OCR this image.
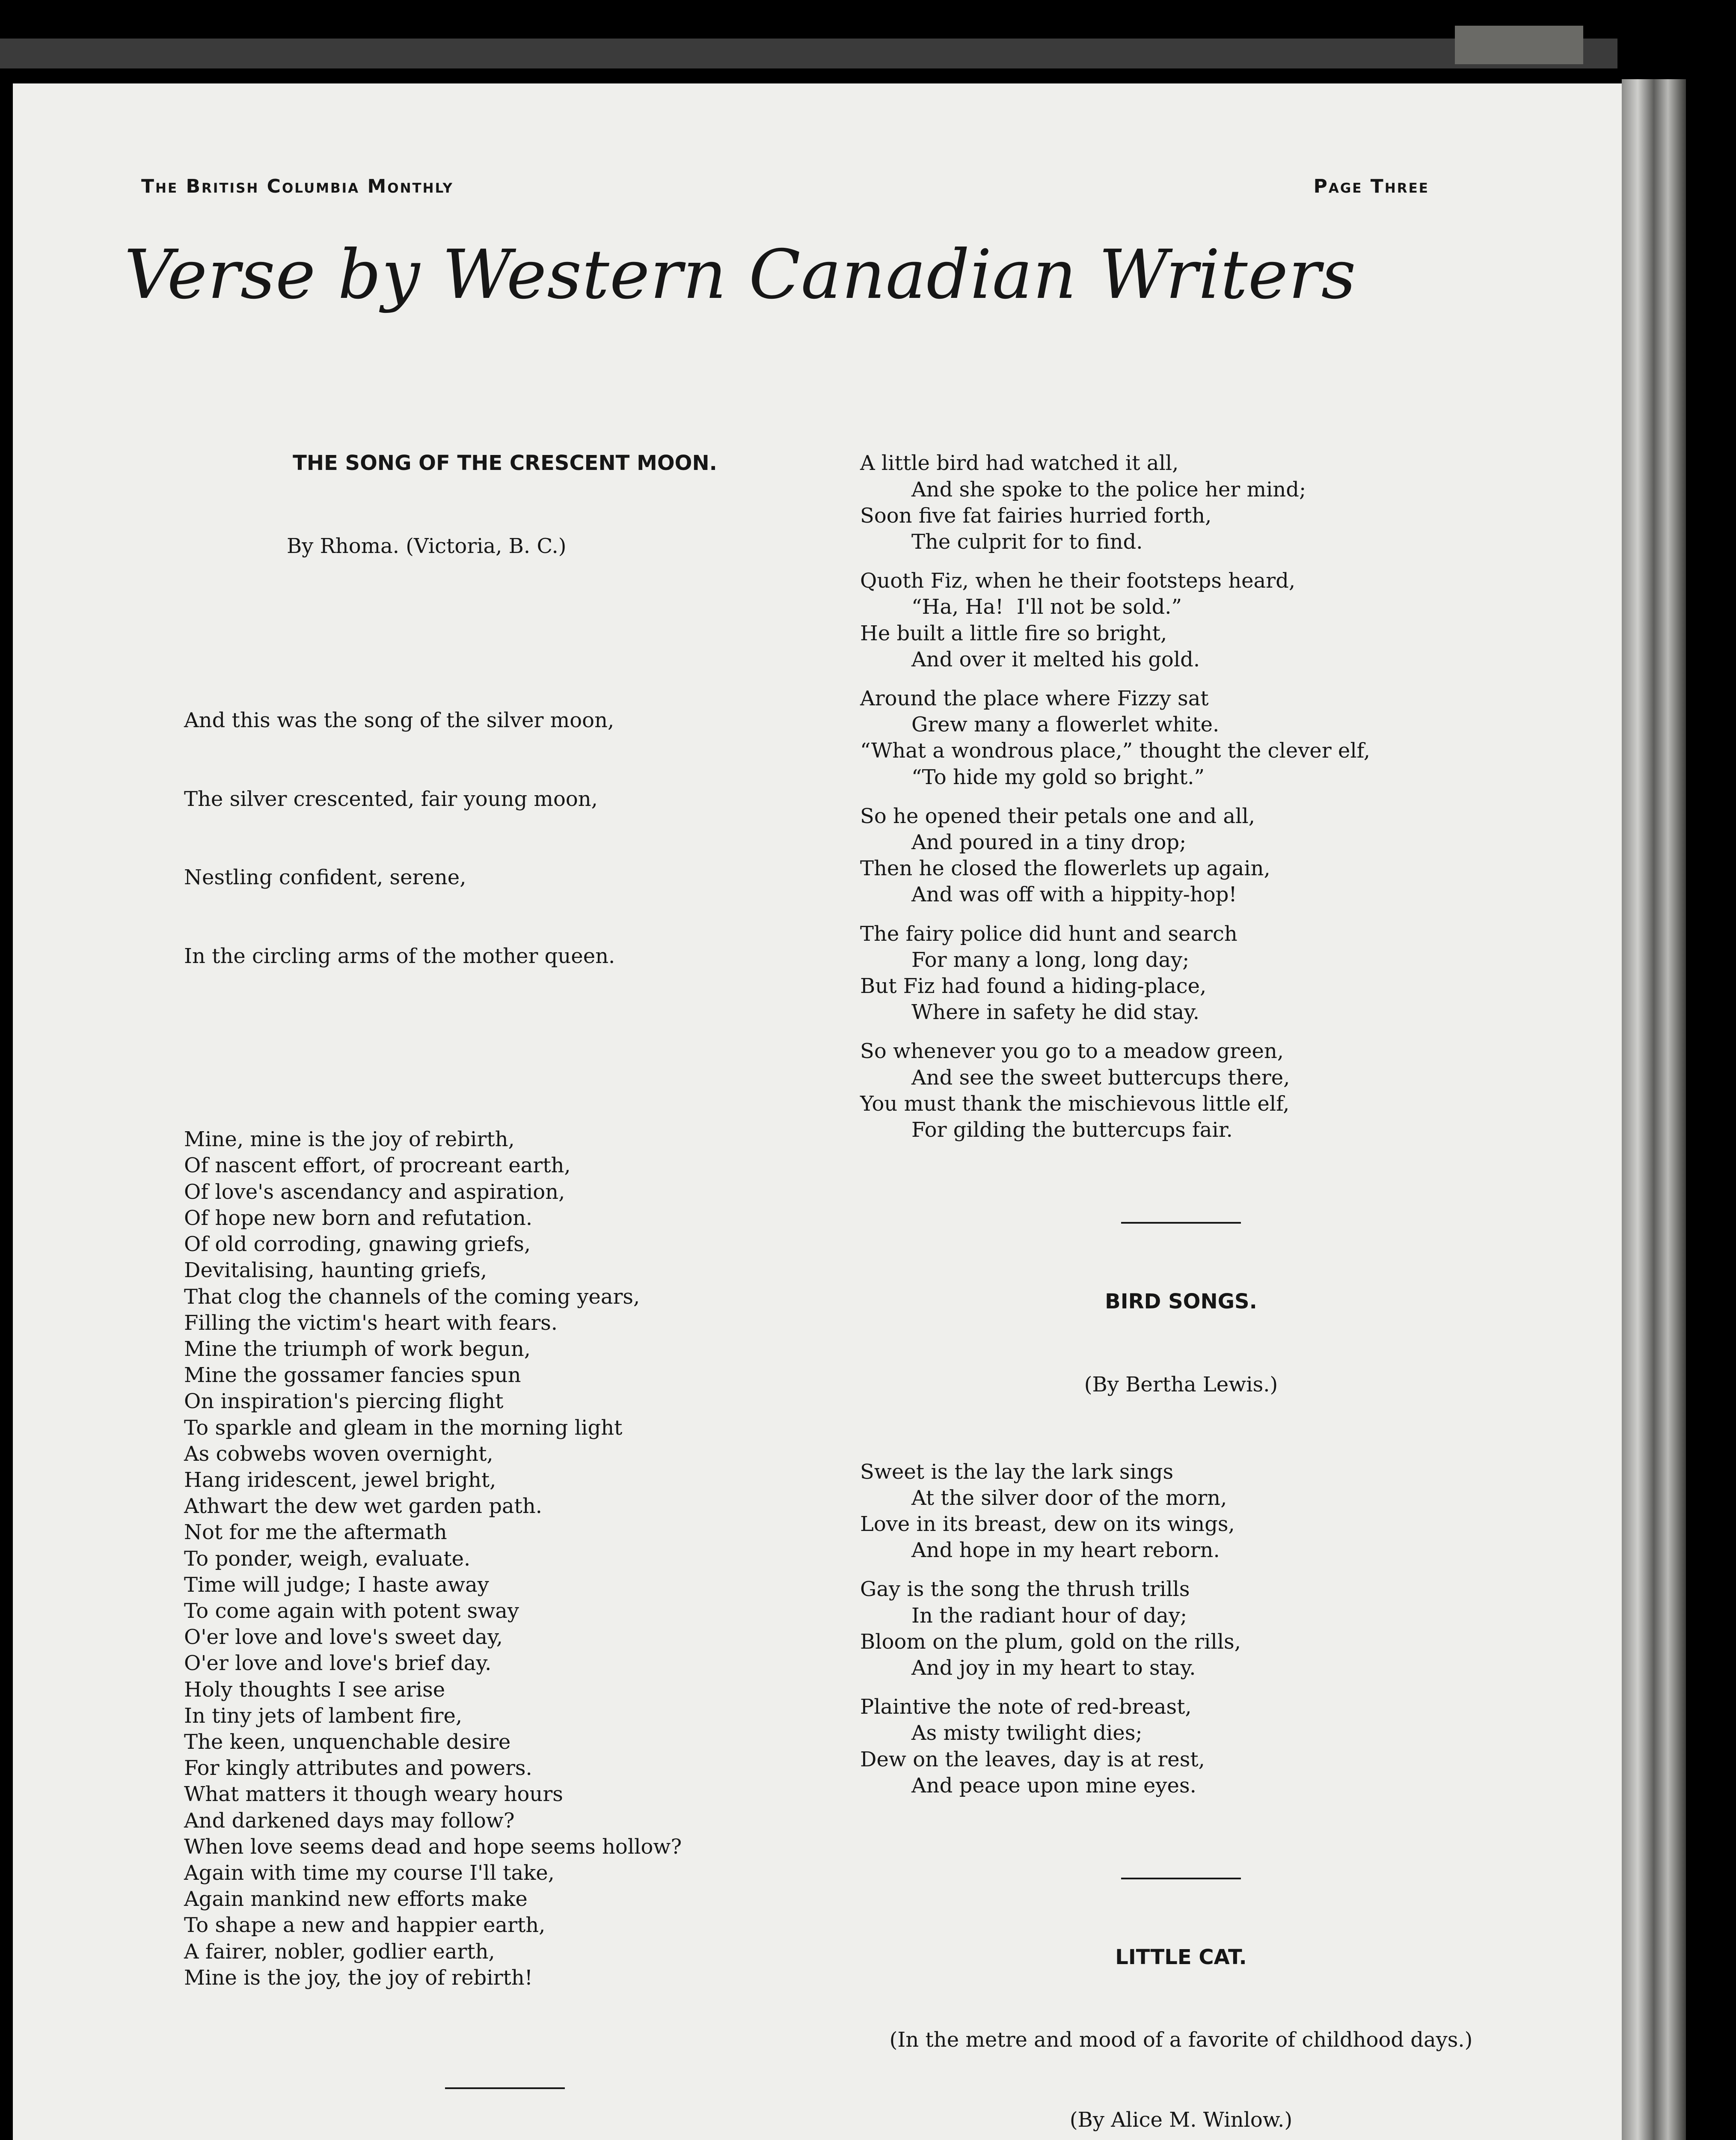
The British Columbia Monthly	Page Three
Verse by Western Canadian Writers

THE SONG OF THE CRESCENT MOON.

By Rhoma. (Victoria, B. C.)

And this was the song of the silver moon,

The silver crescented, fair young moon,

Nestling confident, serene,

In the circling arms of the mother queen.

Mine, mine is the joy of rebirth,
Of nascent effort, of procreant earth,
Of love's ascendancy and aspiration,
Of hope new born and refutation.
Of old corroding, gnawing griefs,
Devitalising, haunting griefs,
That clog the channels of the coming years,
Filling the victim's heart with fears.
Mine the triumph of work begun,
Mine the gossamer fancies spun
On inspiration's piercing flight
To sparkle and gleam in the morning light
As cobwebs woven overnight,
Hang iridescent, jewel bright,
Athwart the dew wet garden path.
Not for me the aftermath
To ponder, weigh, evaluate.
Time will judge; I haste away
To come again with potent sway
O'er love and love's sweet day,
O'er love and love's brief day.
Holy thoughts I see arise
In tiny jets of lambent fire,
The keen, unquenchable desire
For kingly attributes and powers.
What matters it though weary hours
And darkened days may follow?
When love seems dead and hope seems hollow?
Again with time my course I'll take,
Again mankind new efforts make
To shape a new and happier earth,
A fairer, nobler, godlier earth,
Mine is the joy, the joy of rebirth!

A little bird had watched it all,
And she spoke to the police her mind;
Soon five fat fairies hurried forth,
The culprit for to find.
Quoth Fiz, when he their footsteps heard,
“Ha, Ha!  I'll not be sold.”
He built a little fire so bright,
And over it melted his gold.
Around the place where Fizzy sat
Grew many a flowerlet white.
“What a wondrous place,” thought the clever elf,
“To hide my gold so bright.”
So he opened their petals one and all,
And poured in a tiny drop;
Then he closed the flowerlets up again,
And was off with a hippity-hop!
The fairy police did hunt and search
For many a long, long day;
But Fiz had found a hiding-place,
Where in safety he did stay.
So whenever you go to a meadow green,
And see the sweet buttercups there,
You must thank the mischievous little elf,
For gilding the buttercups fair.

BIRD SONGS.

(By Bertha Lewis.)

Sweet is the lay the lark sings
At the silver door of the morn,
Love in its breast, dew on its wings,
And hope in my heart reborn.
Gay is the song the thrush trills
In the radiant hour of day;
Bloom on the plum, gold on the rills,
And joy in my heart to stay.
Plaintive the note of red-breast,
As misty twilight dies;
Dew on the leaves, day is at rest,
And peace upon mine eyes.

LITTLE CAT.

(In the metre and mood of a favorite of childhood days.)

(By Alice M. Winlow.)
